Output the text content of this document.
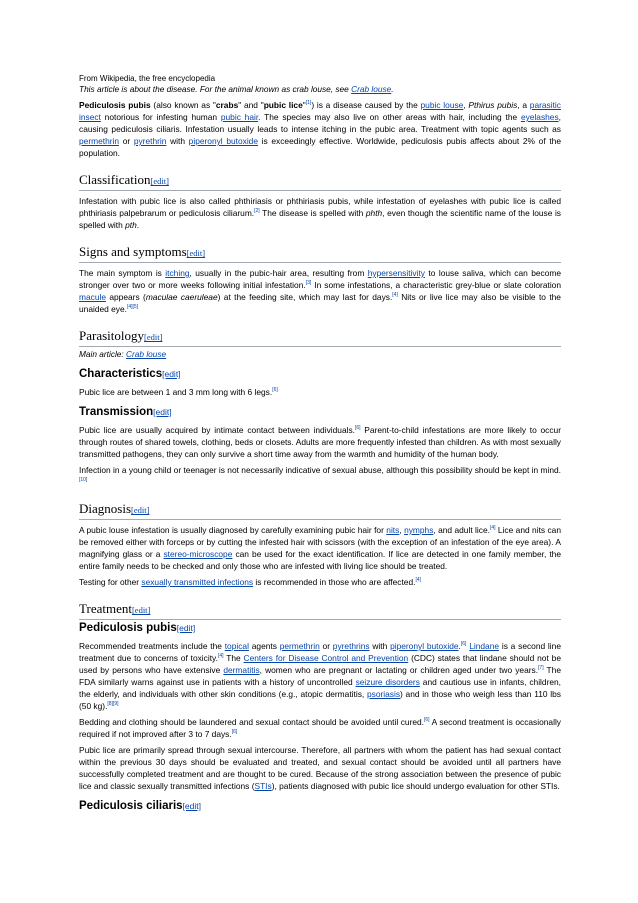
From Wikipedia, the free encyclopedia
This article is about the disease. For the animal known as crab louse, see Crab louse.

Pediculosis pubis (also known as "crabs" and "pubic lice"[1]) is a disease caused by the pubic louse, Pthirus pubis, a parasitic insect notorious for infesting human pubic hair. The species may also live on other areas with hair, including the eyelashes, causing pediculosis ciliaris. Infestation usually leads to intense itching in the pubic area. Treatment with topic agents such as permethrin or pyrethrin with piperonyl butoxide is exceedingly effective. Worldwide, pediculosis pubis affects about 2% of the population.

Classification[edit]

Infestation with pubic lice is also called phthiriasis or phthiriasis pubis, while infestation of eyelashes with pubic lice is called phthiriasis palpebrarum or pediculosis ciliarum.[2] The disease is spelled with phth, even though the scientific name of the louse is spelled with pth.

Signs and symptoms[edit]

The main symptom is itching, usually in the pubic-hair area, resulting from hypersensitivity to louse saliva, which can become stronger over two or more weeks following initial infestation.[3] In some infestations, a characteristic grey-blue or slate coloration macule appears (maculae caeruleae) at the feeding site, which may last for days.[4] Nits or live lice may also be visible to the unaided eye.[4][5]

Parasitology[edit]
Main article: Crab louse
Characteristics[edit]

Pubic lice are between 1 and 3 mm long with 6 legs.[6]

Transmission[edit]

Pubic lice are usually acquired by intimate contact between individuals.[6] Parent-to-child infestations are more likely to occur through routes of shared towels, clothing, beds or closets. Adults are more frequently infested than children. As with most sexually transmitted pathogens, they can only survive a short time away from the warmth and humidity of the human body.

Infection in a young child or teenager is not necessarily indicative of sexual abuse, although this possibility should be kept in mind.[10]

Diagnosis[edit]

A pubic louse infestation is usually diagnosed by carefully examining pubic hair for nits, nymphs, and adult lice.[4] Lice and nits can be removed either with forceps or by cutting the infested hair with scissors (with the exception of an infestation of the eye area). A magnifying glass or a stereo-microscope can be used for the exact identification. If lice are detected in one family member, the entire family needs to be checked and only those who are infested with living lice should be treated.

Testing for other sexually transmitted infections is recommended in those who are affected.[4]

Treatment[edit]
Pediculosis pubis[edit]

Recommended treatments include the topical agents permethrin or pyrethrins with piperonyl butoxide.[6] Lindane is a second line treatment due to concerns of toxicity.[4] The Centers for Disease Control and Prevention (CDC) states that lindane should not be used by persons who have extensive dermatitis, women who are pregnant or lactating or children aged under two years.[7] The FDA similarly warns against use in patients with a history of uncontrolled seizure disorders and cautious use in infants, children, the elderly, and individuals with other skin conditions (e.g., atopic dermatitis, psoriasis) and in those who weigh less than 110 lbs (50 kg).[8][9]

Bedding and clothing should be laundered and sexual contact should be avoided until cured.[6] A second treatment is occasionally required if not improved after 3 to 7 days.[6]

Pubic lice are primarily spread through sexual intercourse. Therefore, all partners with whom the patient has had sexual contact within the previous 30 days should be evaluated and treated, and sexual contact should be avoided until all partners have successfully completed treatment and are thought to be cured. Because of the strong association between the presence of pubic lice and classic sexually transmitted infections (STIs), patients diagnosed with pubic lice should undergo evaluation for other STIs.

Pediculosis ciliaris[edit]
